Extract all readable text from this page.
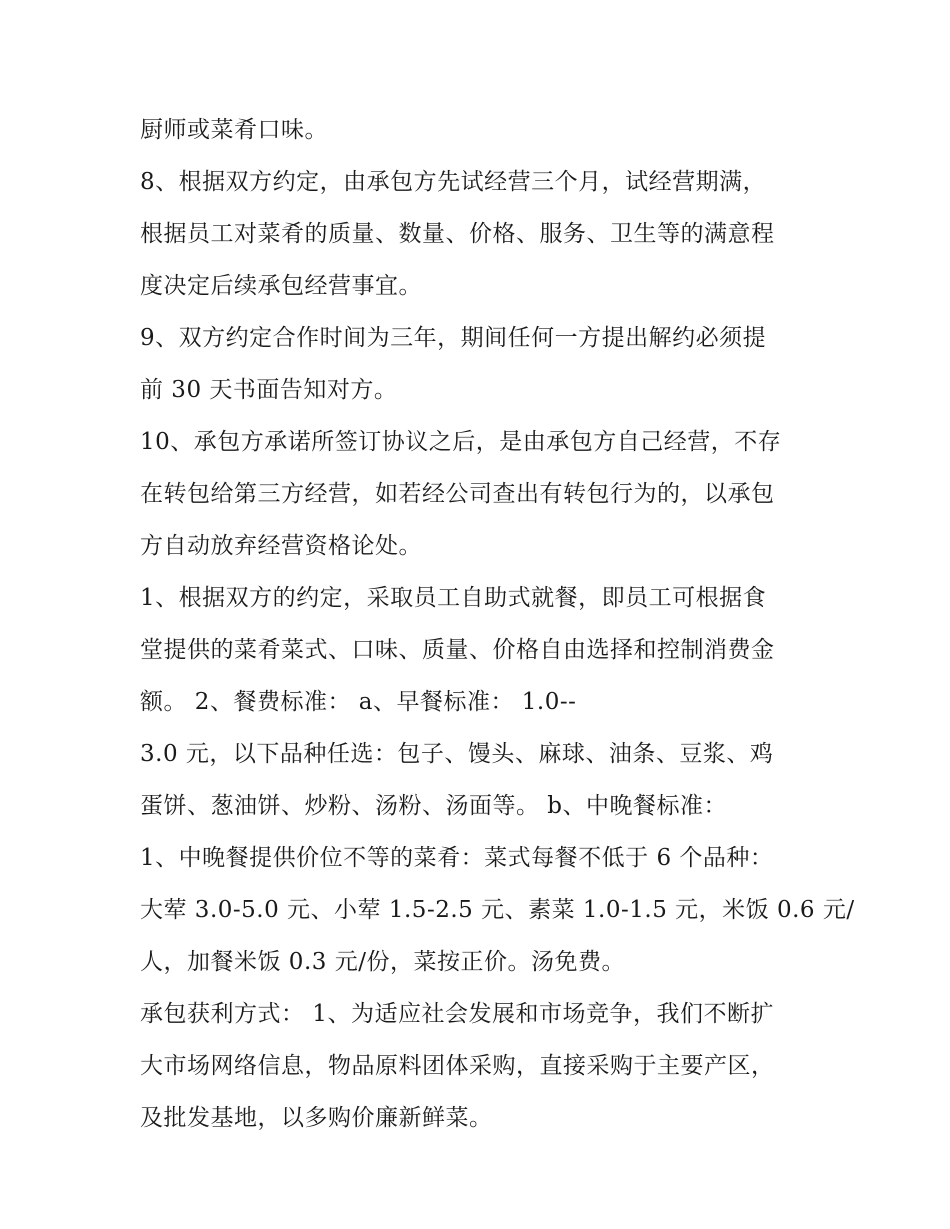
厨师或菜肴口味。
8、根据双方约定，由承包方先试经营三个月，试经营期满，
根据员工对菜肴的质量、数量、价格、服务、卫生等的满意程
度决定后续承包经营事宜。
9、双方约定合作时间为三年，期间任何一方提出解约必须提
前 30 天书面告知对方。
10、承包方承诺所签订协议之后，是由承包方自己经营，不存
在转包给第三方经营，如若经公司查出有转包行为的，以承包
方自动放弃经营资格论处。
1、根据双方的约定，采取员工自助式就餐，即员工可根据食
堂提供的菜肴菜式、口味、质量、价格自由选择和控制消费金
额。 2、餐费标准： a、早餐标准： 1.0--
3.0 元，以下品种任选：包子、馒头、麻球、油条、豆浆、鸡
蛋饼、葱油饼、炒粉、汤粉、汤面等。 b、中晚餐标准：
1、中晚餐提供价位不等的菜肴：菜式每餐不低于 6 个品种：
大荤 3.0-5.0 元、小荤 1.5-2.5 元、素菜 1.0-1.5 元，米饭 0.6 元/
人，加餐米饭 0.3 元/份，菜按正价。汤免费。
承包获利方式： 1、为适应社会发展和市场竞争，我们不断扩
大市场网络信息，物品原料团体采购，直接采购于主要产区，
及批发基地，以多购价廉新鲜菜。
